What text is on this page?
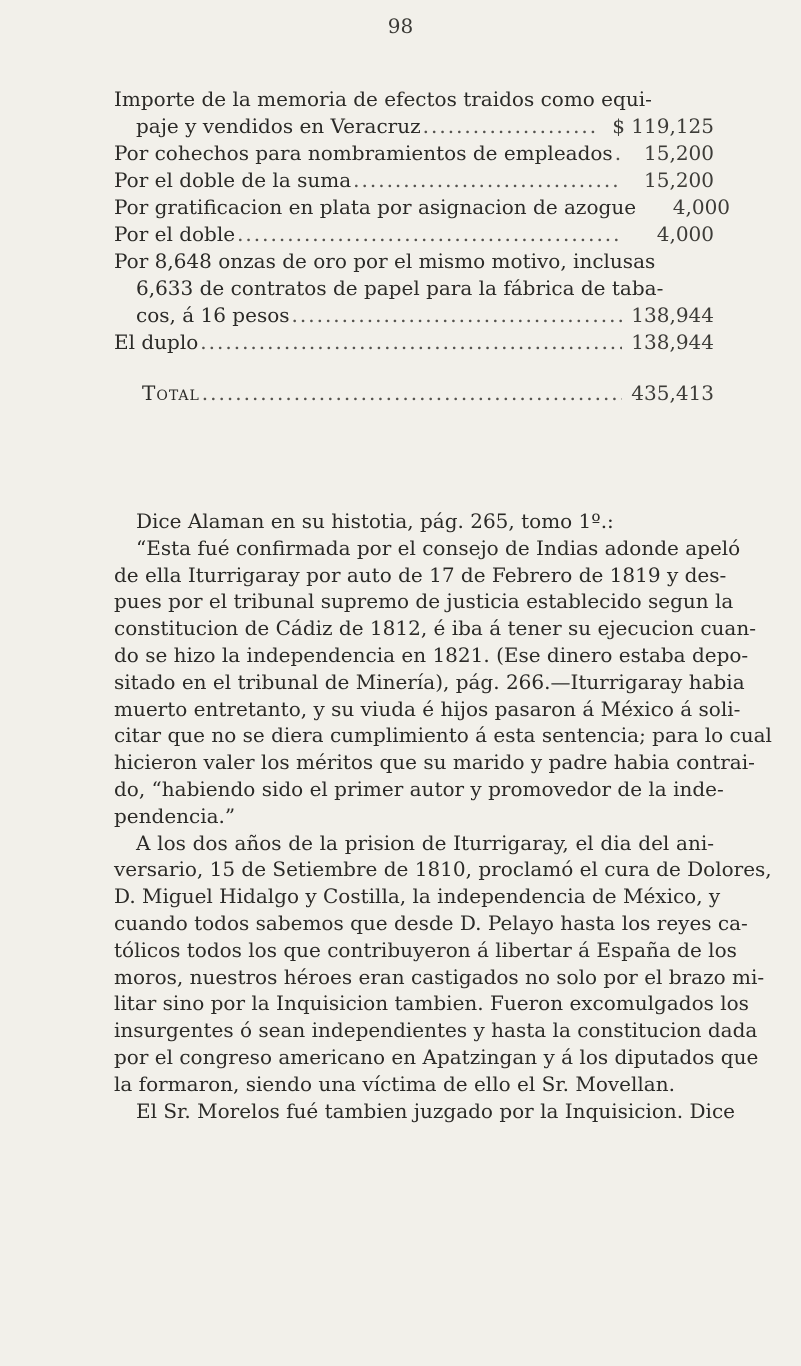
98
Importe de la memoria de efectos traidos como equi-
paje y vendidos en Veracruz .....	$ 119,125
Por cohechos para nombramientos de empleados .....	15,200
Por el doble de la suma .....	15,200
Por gratificacion en plata por asignacion de azogue	4,000
Por el doble .....	4,000
Por 8,648 onzas de oro por el mismo motivo, inclusas
6,633 de contratos de papel para la fábrica de taba-
cos, á 16 pesos .....	138,944
El duplo .....	138,944
Total .....	435,413
Dice Alaman en su histotia, pág. 265, tomo 1º.:
“Esta fué confirmada por el consejo de Indias adonde apeló
de ella Iturrigaray por auto de 17 de Febrero de 1819 y des-
pues por el tribunal supremo de justicia establecido segun la
constitucion de Cádiz de 1812, é iba á tener su ejecucion cuan-
do se hizo la independencia en 1821. (Ese dinero estaba depo-
sitado en el tribunal de Minería), pág. 266.—Iturrigaray habia
muerto entretanto, y su viuda é hijos pasaron á México á soli-
citar que no se diera cumplimiento á esta sentencia; para lo cual
hicieron valer los méritos que su marido y padre habia contrai-
do, “habiendo sido el primer autor y promovedor de la inde-
pendencia.”
A los dos años de la prision de Iturrigaray, el dia del ani-
versario, 15 de Setiembre de 1810, proclamó el cura de Dolores,
D. Miguel Hidalgo y Costilla, la independencia de México, y
cuando todos sabemos que desde D. Pelayo hasta los reyes ca-
tólicos todos los que contribuyeron á libertar á España de los
moros, nuestros héroes eran castigados no solo por el brazo mi-
litar sino por la Inquisicion tambien. Fueron excomulgados los
insurgentes ó sean independientes y hasta la constitucion dada
por el congreso americano en Apatzingan y á los diputados que
la formaron, siendo una víctima de ello el Sr. Movellan.
El Sr. Morelos fué tambien juzgado por la Inquisicion. Dice
